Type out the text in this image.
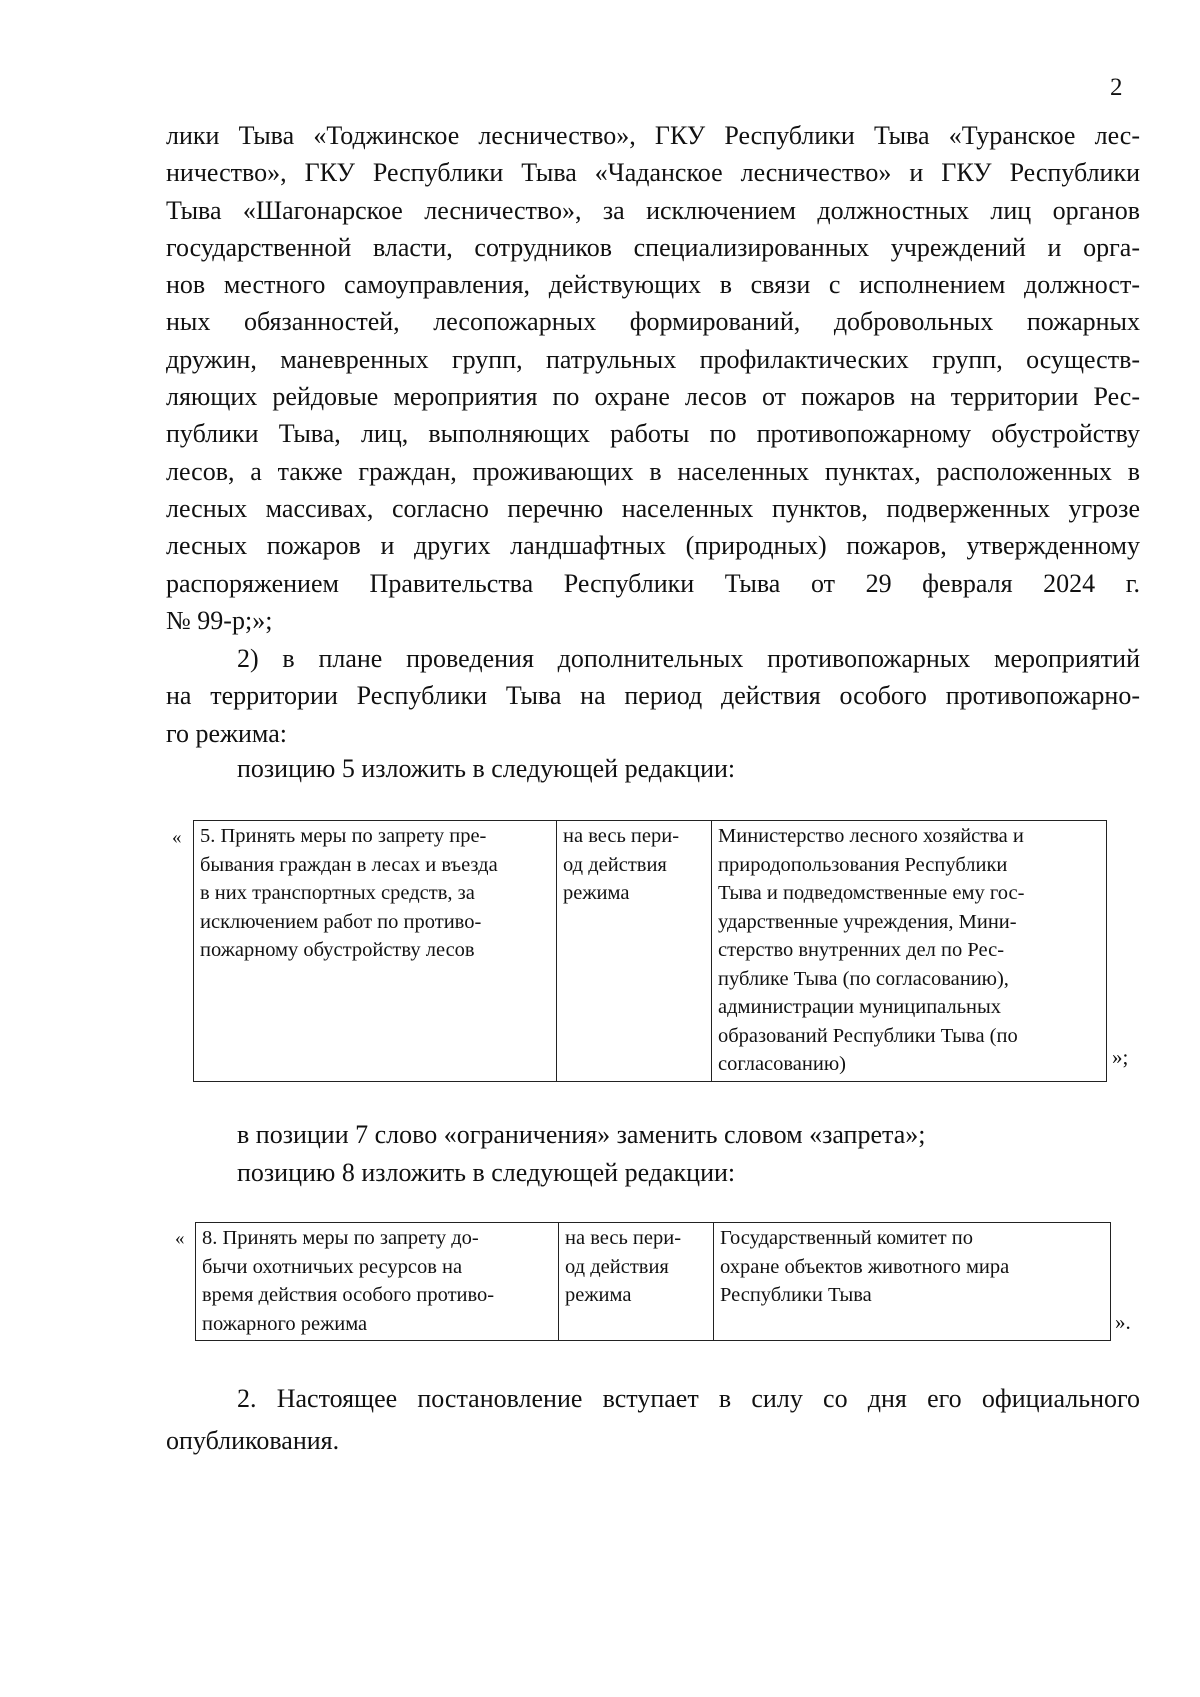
2
лики Тыва «Тоджинское лесничество», ГКУ Республики Тыва «Туранское лес-
ничество», ГКУ Республики Тыва «Чаданское лесничество» и ГКУ Республики
Тыва «Шагонарское лесничество», за исключением должностных лиц органов
государственной власти, сотрудников специализированных учреждений и орга-
нов местного самоуправления, действующих в связи с исполнением должност-
ных обязанностей, лесопожарных формирований, добровольных пожарных
дружин, маневренных групп, патрульных профилактических групп, осуществ-
ляющих рейдовые мероприятия по охране лесов от пожаров на территории Рес-
публики Тыва, лиц, выполняющих работы по противопожарному обустройству
лесов, а также граждан, проживающих в населенных пунктах, расположенных в
лесных массивах, согласно перечню населенных пунктов, подверженных угрозе
лесных пожаров и других ландшафтных (природных) пожаров, утвержденному
распоряжением Правительства Республики Тыва от 29 февраля 2024 г.
№ 99-р;»;
2) в плане проведения дополнительных противопожарных мероприятий
на территории Республики Тыва на период действия особого противопожарно-
го режима:
позицию 5 изложить в следующей редакции:
« 5. Принять меры по запрету пре-
бывания граждан в лесах и въезда
в них транспортных средств, за
исключением работ по противо-
пожарному обустройству лесов

на весь пери-
од действия
режима

Министерство лесного хозяйства и
природопользования Республики
Тыва и подведомственные ему гос-
ударственные учреждения, Мини-
стерство внутренних дел по Рес-
публике Тыва (по согласованию),
администрации муниципальных
образований Республики Тыва (по
согласованию)	»;
в позиции 7 слово «ограничения» заменить словом «запрета»;
позицию 8 изложить в следующей редакции:
« 8. Принять меры по запрету до-
бычи охотничьих ресурсов на
время действия особого противо-
пожарного режима

на весь пери-
од действия
режима

Государственный комитет по
охране объектов животного мира
Республики Тыва
».
2. Настоящее постановление вступает в силу со дня его официального
опубликования.
